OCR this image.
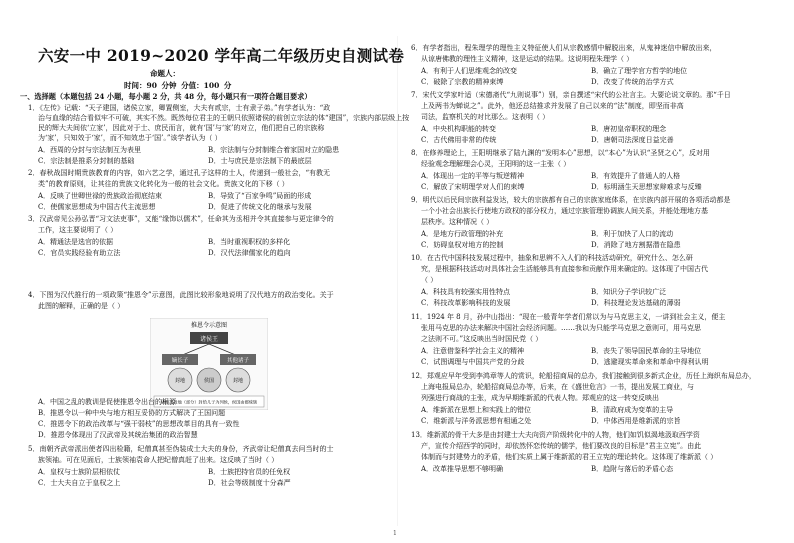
六安一中 2019~2020 学年高二年级历史自测试卷
命题人：
时间：90 分钟 分值：100 分
一、选择题（本题包括 24 小题，每小题 2 分，共 48 分，每小题只有一项符合题目要求）
1．《左传》记载：“天子建国，诸侯立家，卿置侧室，大夫有贰宗，士有隶子弟。”有学者认为：“政
治与血缘的结合看似牢不可破，其实不然。既然每位君主的王朝只依照诸侯的前创立宗法的体“建国”，宗族内部层级上按
民的辉大夫间依‘立家’，因此对于士、庶民而言，就有‘国’与‘家’的对立，他们把自己的宗族称
为‘家’，只知效于‘家’，而不知效忠于‘国’。”该学者认为（ ）
A．西周的分封与宗法制互为表里	B．宗法制与分封制维合着家国对立的隐患
C．宗法制是推系分封制的基础	D．士与庶民是宗法制下的最底层
2．春秋战国时期贵族教育的内容，如六艺之学，通过孔子这样的士人，传递到一般社会，“有教无
类”的教育原则，让其往的贵族文化转化为一般的社会文化。贵族文化的下移（ ）
A．反映了世卿世禄的贵族政治彻底结束	B．导致了“百家争鸣”局面的形成
C．使儒家思想成为中国古代主流思想	D．促进了传统文化的继承与发展
3．汉武帝见公孙弘晋“习文法吏事”，又能“缘饰以儒术”，任命其为丞相并令其直接参与更定律令的
工作，这主要说明了（ ）
A．精通法是选官的依据	B．当时重视职权的多样化
C．官员实践经验有助立法	D．汉代法律儒家化的趋向
4．下图为汉代推行的一项政策“推恩令”示意图，此图比较形象地说明了汉代地方的政治变化。关于
此图的解释，正确的是（ ）
推恩令示意图
诸侯王
嫡长子	其他诸子
封地	侯国	封地
诸侯王封地（部分）封给儿子为列侯，侯国由郡统辖
A．中国之乱的教训是促使推恩令出台的根源
B．推恩令以一种中央与地方相互妥协的方式解决了王国问题
C．推恩令下的政治改革与“强干弱枝”的思想改革目的具有一致性
D．推恩令体现出了汉武帝及其统治集团的政治智慧
5．南朝齐武帝派出使者四出检籍，纪僧真甚至伪装成士大夫的身份，齐武帝让纪僧真去问当时的士
族领袖。可在见面后，士族领袖袁命人把纪僧真赶了出来。这反映了当时（ ）
A．皇权与士族阶层相依仗	B．士族把持官员的任免权
C．士大夫自立于皇权之上	D．社会等级制度十分森严
6．有学者指出，程朱理学的理性主义特征使人们从宗教感情中解脱出来，从鬼神迷信中解放出来，
从谅唐佛教的理性主义精神，这是运动的结果。这说明程朱理学（ ）
A．有利于人们思维观念的改变	B．确立了理学官方哲学的地位
C．破除了宗教的精神束缚	D．改变了传统的治学方式
7．宋代文学家叶适（宋德斋代“九则说事”）别，亲自撰述“宋代的公社言主。大要论说文章的。那“千日
上及两书为蝉说之”。此外，他还总结推求并发展了自己以来的“法”制度，即坚而非高
司法，监察机关的对比那么。这表明（ ）
A．中央机构职能的转变	B．唐初皇帝职权的理念
C．古代佛用非常的传统	D．唐朝司法深度日益完善
8．在修养理论上，王阳明继承了陆九渊的“发明本心”思想，以“本心”为认识“圣贤之心”，反对用
经验观念理解理会心灵，王阳明的这一主张（ ）
A．体现出一定的平等与叛逆精神	B．有效提升了普通人的人格
C．解放了宋明理学对人们的束缚	D．标明涵生天思想家辩难求与反臻
9．明代以后民间宗族利益发达，较大的宗族都有自己的宗族家庭体系，在宗族内部开展的各项活动都是
一个小社会出族长行使地方政权的部分权力，通过宗族管理协调族人间关系，并能处理地方基
层秩序。这种情况（ ）
A．是地方行政管理的补充	B．利于加快了人口的流动
C．妨碍皇权对地方的控制	D．消除了地方割据潜在隐患
10．在古代中国科技发展过程中，抽象和思辨不入人们的科技活动研究，研究什么、怎么研
究，是根据科技活动对具体社会生活能够具有直接参和贡献作用来确定的。这体现了中国古代
（ ）
A．科技具有较强实用性特点	B．知识分子学识较广泛
C．科技改革影响科技的发展	D．科技理论发达基础的薄弱
11．1924 年 8 月，孙中山指出：“现在一般青年学者们常以为与马克思主义，一讲到社会主义，便主
张用马克思的办法来解决中国社会经济问题。……我以为只能学马克思之意则可，用马克思
之法则不可。”这反映出当时国民党（ ）
A．注意借鉴科学社会主义的精神	B．丧失了领导国民革命的主导地位
C．试图调理与中国共产党的分歧	D．逃避现实革命来和革命中得利认明
12．郑观应早年受到李鸿章等人的赏识，轮船招商局的总办，我们接触到很多新式企业，历任上海织布局总办，
上海电报局总办，轮船招商局总办等，后来，在《盛世危言》一书，提出发展工商业，与
列强进行商战的主张，成为早期维新派的代表人物。郑观应的这一转变反映出
A．维新派在思想上和实践上的错位	B．清政府成为变革的主导
C．维新派与洋务派思想有相通之处	D．中体西用是维新派的宗旨
13．维新派的骨干大多是由封建士大夫向资产阶级转化中的人物，他们如饥似渴地汲取西学资
产，宣传介绍西学的同时，却依然怀恋传统的儒学，他们要改良的目标是“君主立宪”。由此
体制而与封建势力的矛盾，他们实质上属于维新派的君王立宪的理论转化。这体现了维新派（ ）
A．改革推导思想不够明确	B．趋附与落后的矛盾心态
1
